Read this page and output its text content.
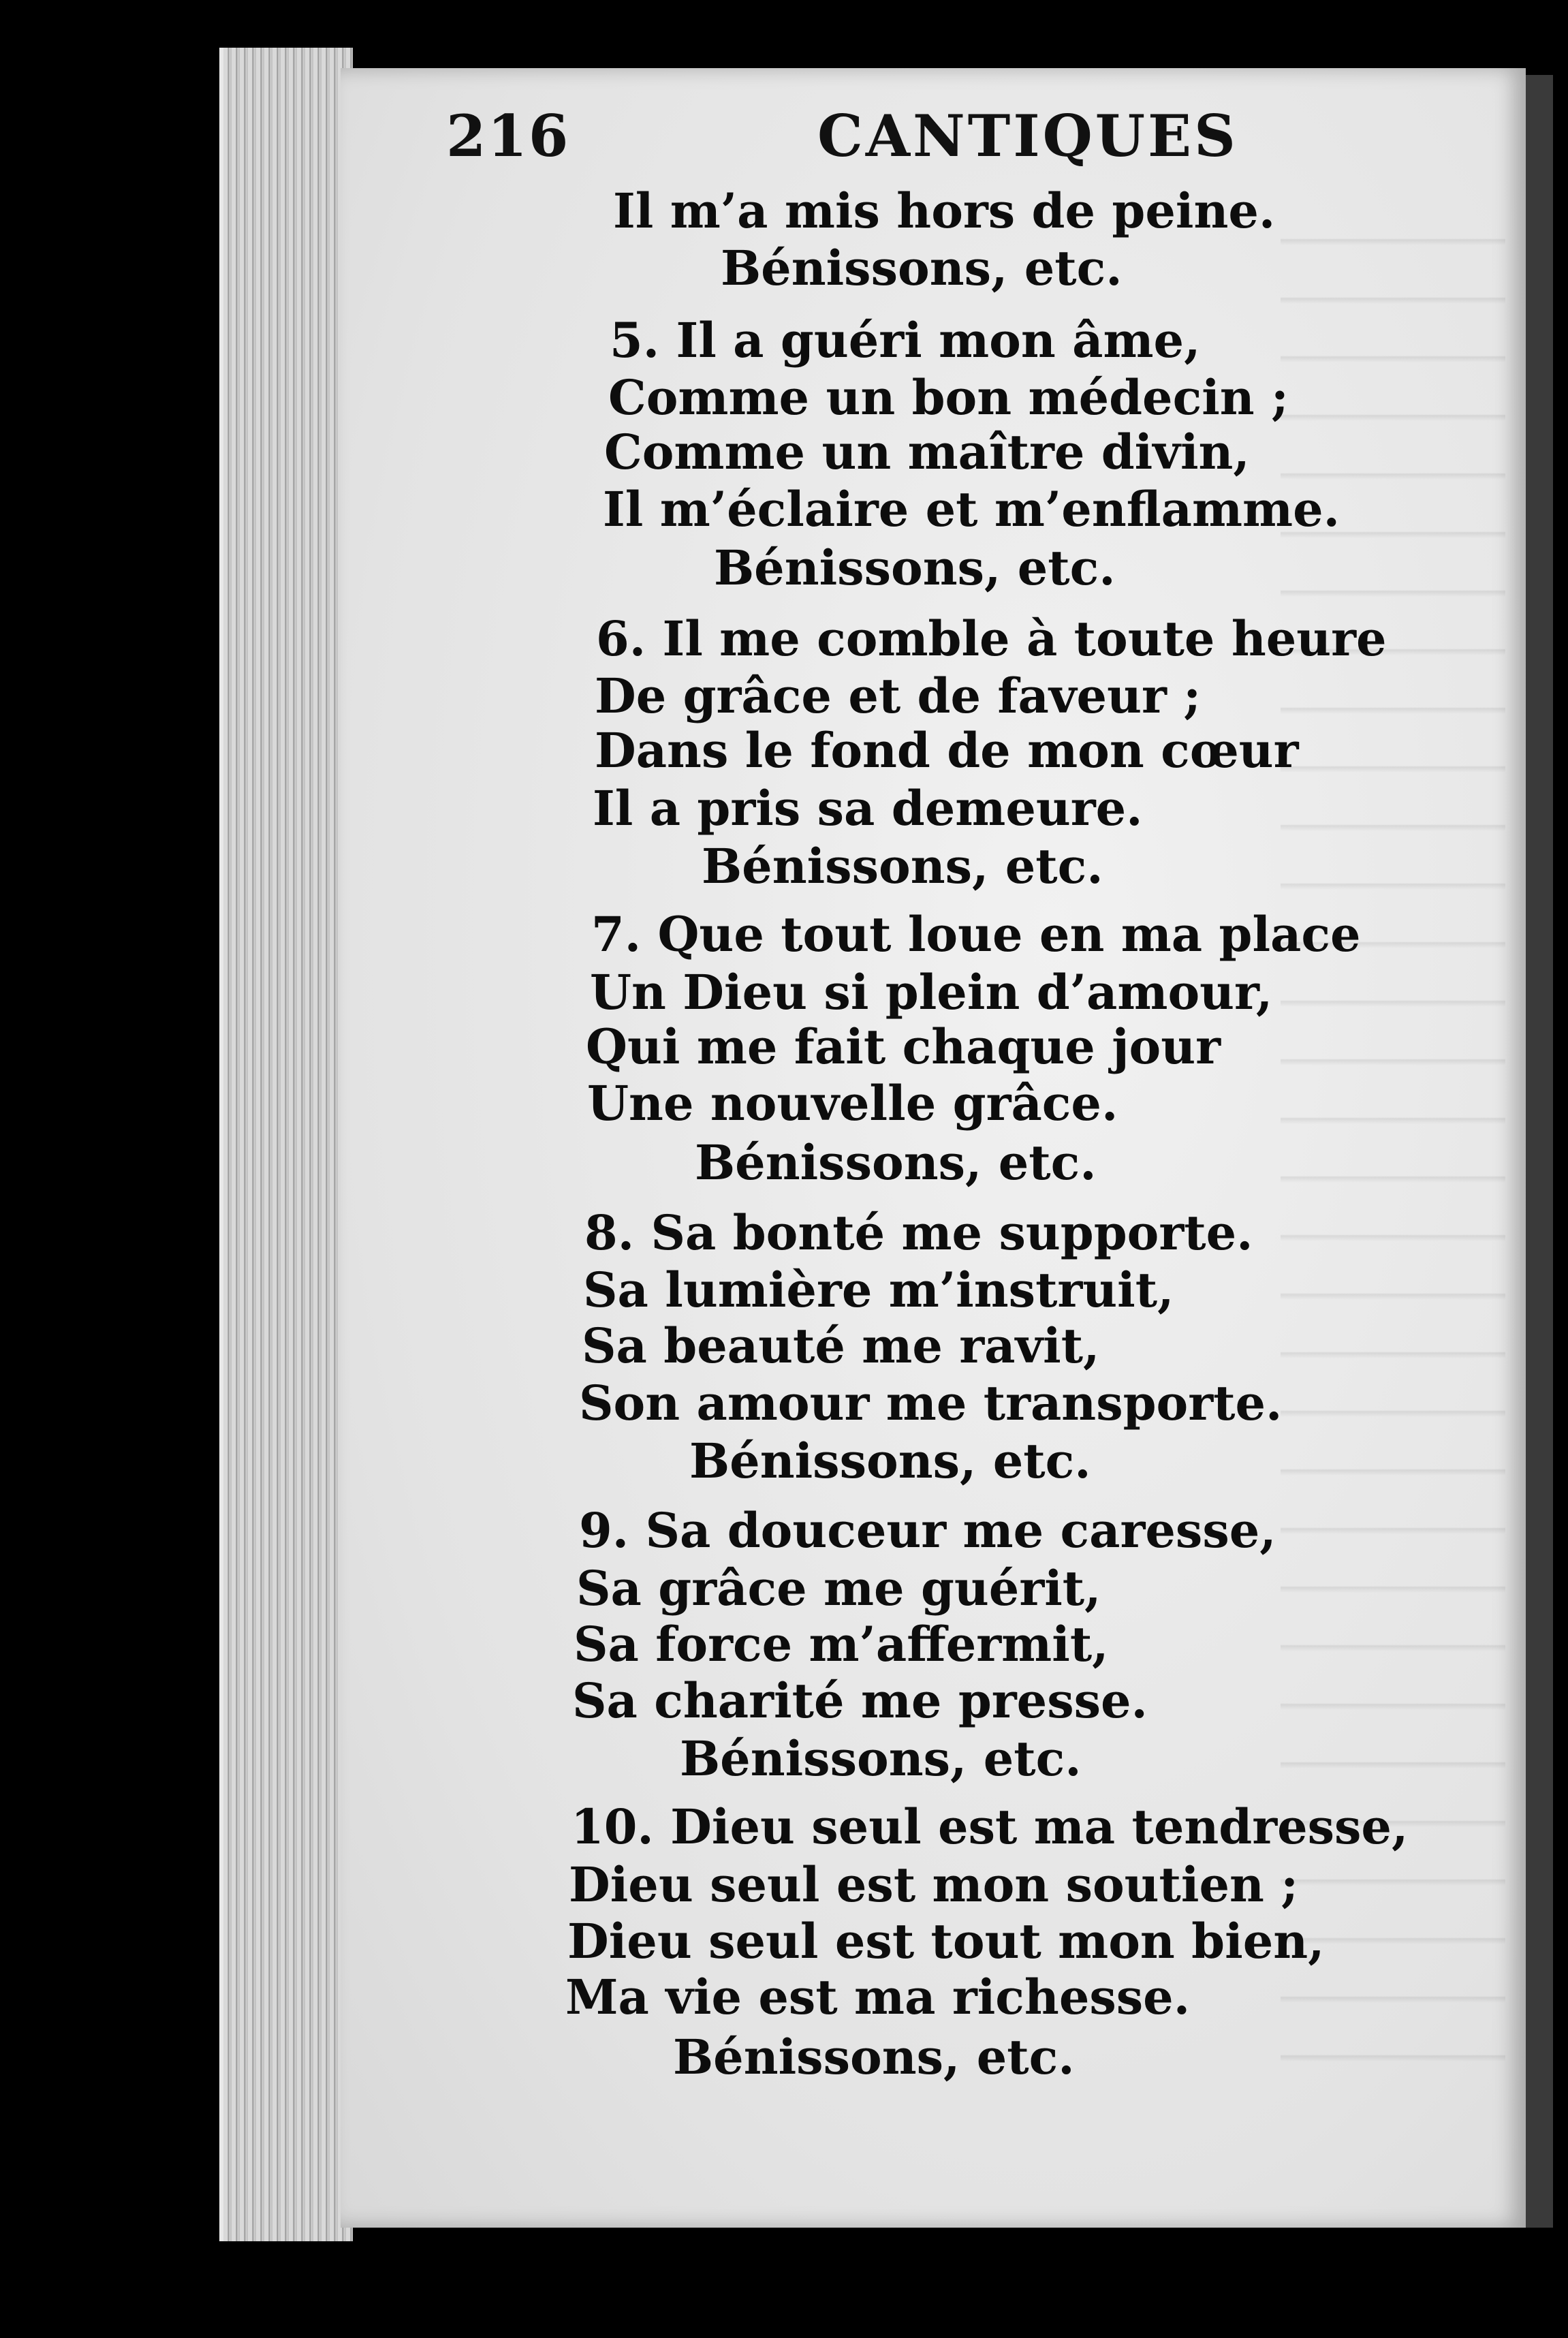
216	CANTIQUES
Il m’a mis hors de peine.
Bénissons, etc.
5. Il a guéri mon âme,
Comme un bon médecin ;
Comme un maître divin,
Il m’éclaire et m’enflamme.
Bénissons, etc.
6. Il me comble à toute heure
De grâce et de faveur ;
Dans le fond de mon cœur
Il a pris sa demeure.
Bénissons, etc.
7. Que tout loue en ma place
Un Dieu si plein d’amour,
Qui me fait chaque jour
Une nouvelle grâce.
Bénissons, etc.
8. Sa bonté me supporte.
Sa lumière m’instruit,
Sa beauté me ravit,
Son amour me transporte.
Bénissons, etc.
9. Sa douceur me caresse,
Sa grâce me guérit,
Sa force m’affermit,
Sa charité me presse.
Bénissons, etc.
10. Dieu seul est ma tendresse,
Dieu seul est mon soutien ;
Dieu seul est tout mon bien,
Ma vie est ma richesse.
Bénissons, etc.
